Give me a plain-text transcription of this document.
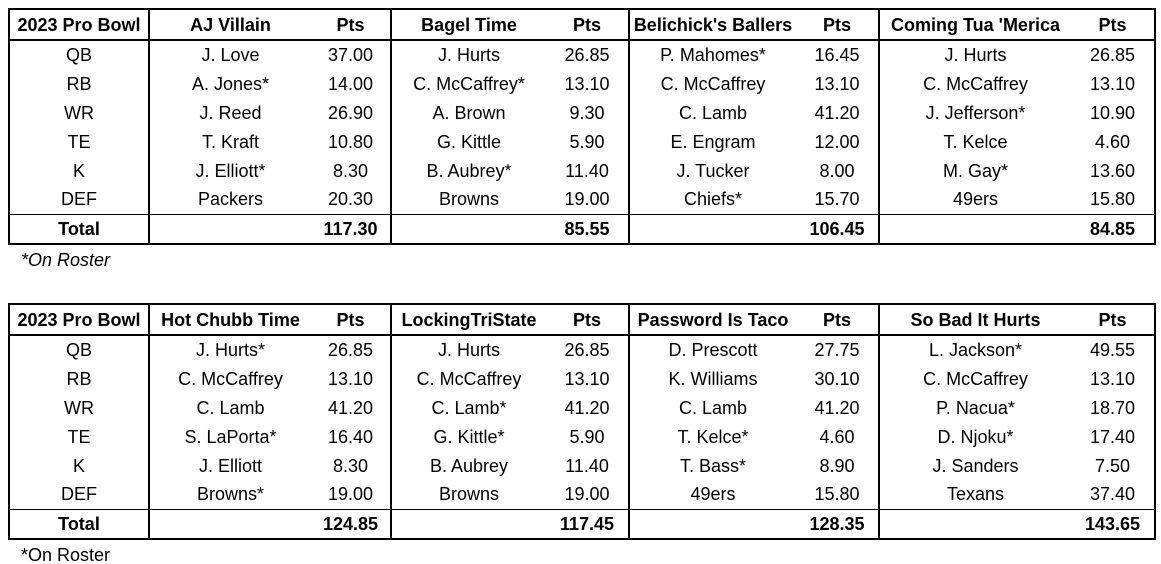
2023 Pro Bowl	AJ Villain	Pts	Bagel Time	Pts	Belichick's Ballers	Pts	Coming Tua 'Merica	Pts
QB	J. Love	37.00	J. Hurts	26.85	P. Mahomes*	16.45	J. Hurts	26.85
RB	A. Jones*	14.00	C. McCaffrey*	13.10	C. McCaffrey	13.10	C. McCaffrey	13.10
WR	J. Reed	26.90	A. Brown	9.30	C. Lamb	41.20	J. Jefferson*	10.90
TE	T. Kraft	10.80	G. Kittle	5.90	E. Engram	12.00	T. Kelce	4.60
K	J. Elliott*	8.30	B. Aubrey*	11.40	J. Tucker	8.00	M. Gay*	13.60
DEF	Packers	20.30	Browns	19.00	Chiefs*	15.70	49ers	15.80
Total		117.30		85.55		106.45		84.85
*On Roster
2023 Pro Bowl	Hot Chubb Time	Pts	LockingTriState	Pts	Password Is Taco	Pts	So Bad It Hurts	Pts
QB	J. Hurts*	26.85	J. Hurts	26.85	D. Prescott	27.75	L. Jackson*	49.55
RB	C. McCaffrey	13.10	C. McCaffrey	13.10	K. Williams	30.10	C. McCaffrey	13.10
WR	C. Lamb	41.20	C. Lamb*	41.20	C. Lamb	41.20	P. Nacua*	18.70
TE	S. LaPorta*	16.40	G. Kittle*	5.90	T. Kelce*	4.60	D. Njoku*	17.40
K	J. Elliott	8.30	B. Aubrey	11.40	T. Bass*	8.90	J. Sanders	7.50
DEF	Browns*	19.00	Browns	19.00	49ers	15.80	Texans	37.40
Total		124.85		117.45		128.35		143.65
*On Roster
